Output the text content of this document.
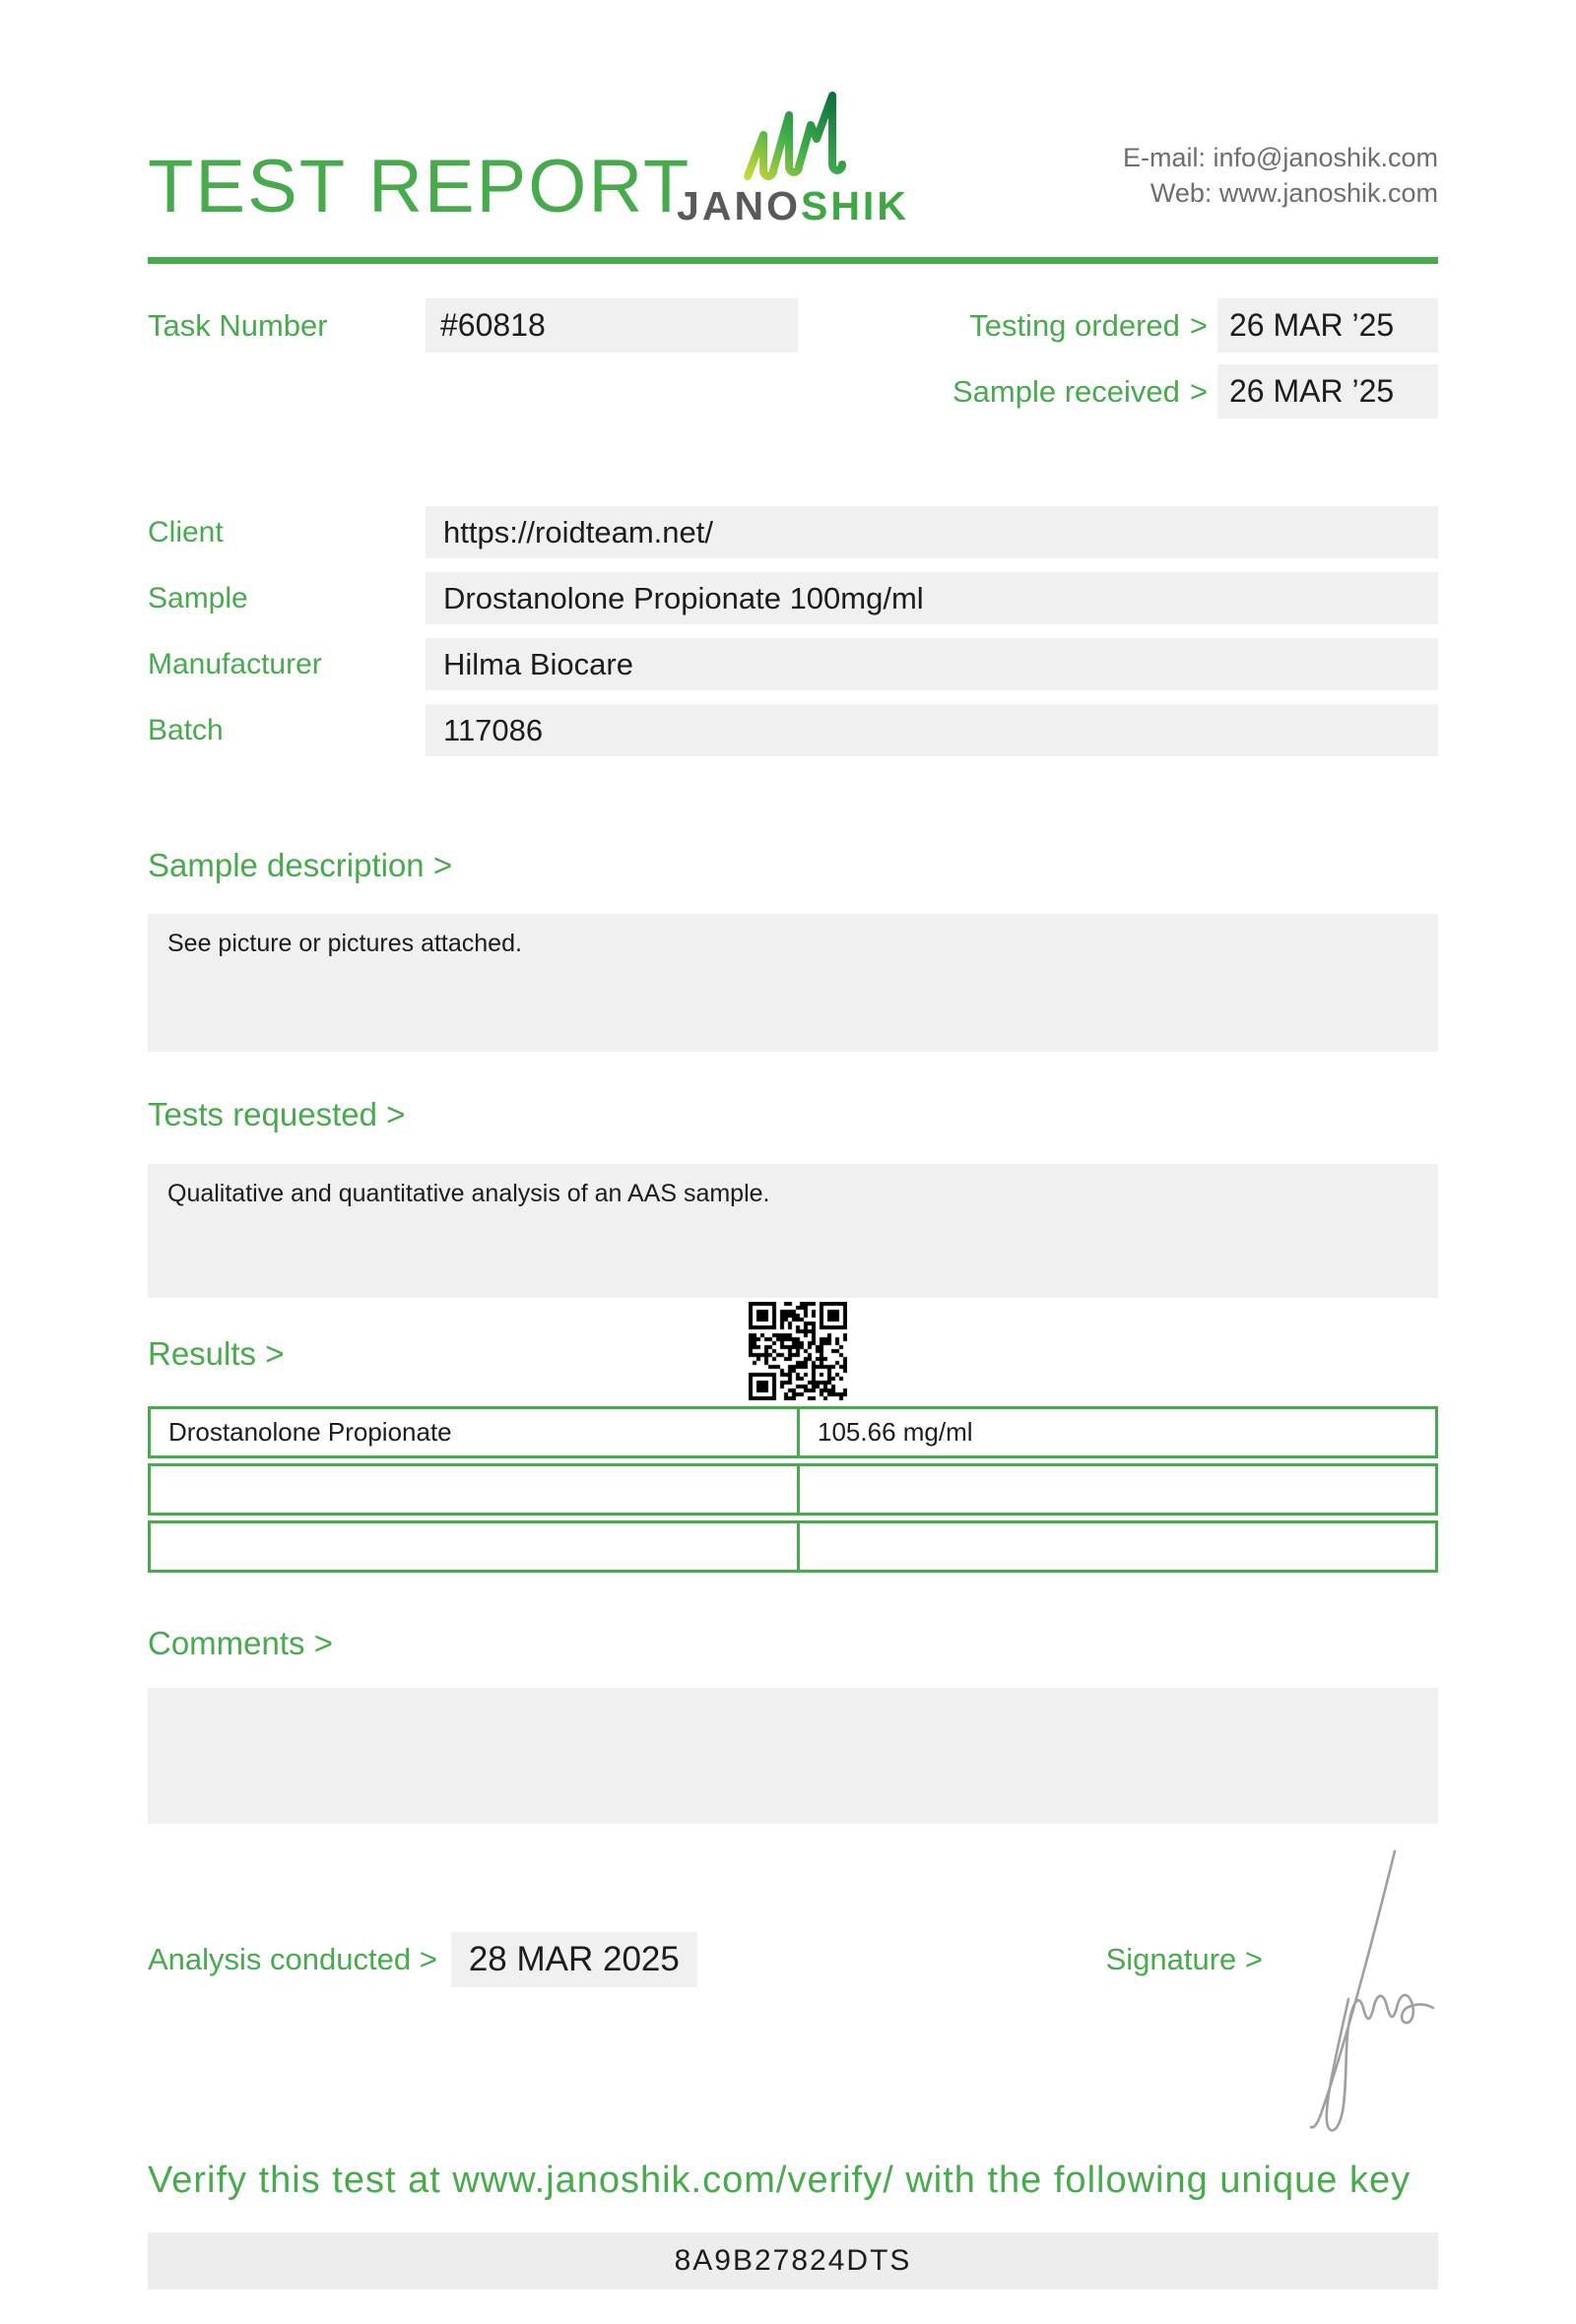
TEST REPORT
JANOSHIK
E-mail: info@janoshik.com
Web: www.janoshik.com
Task Number	#60818	Testing ordered > 26 MAR ’25
Sample received > 26 MAR ’25
Client	https://roidteam.net/
Sample	Drostanolone Propionate 100mg/ml
Manufacturer	Hilma Biocare
Batch	117086
Sample description >
See picture or pictures attached.
Tests requested >
Qualitative and quantitative analysis of an AAS sample.
Results >
Drostanolone Propionate	105.66 mg/ml
Comments >
Analysis conducted > 28 MAR 2025	Signature >
Verify this test at www.janoshik.com/verify/ with the following unique key
8A9B27824DTS
